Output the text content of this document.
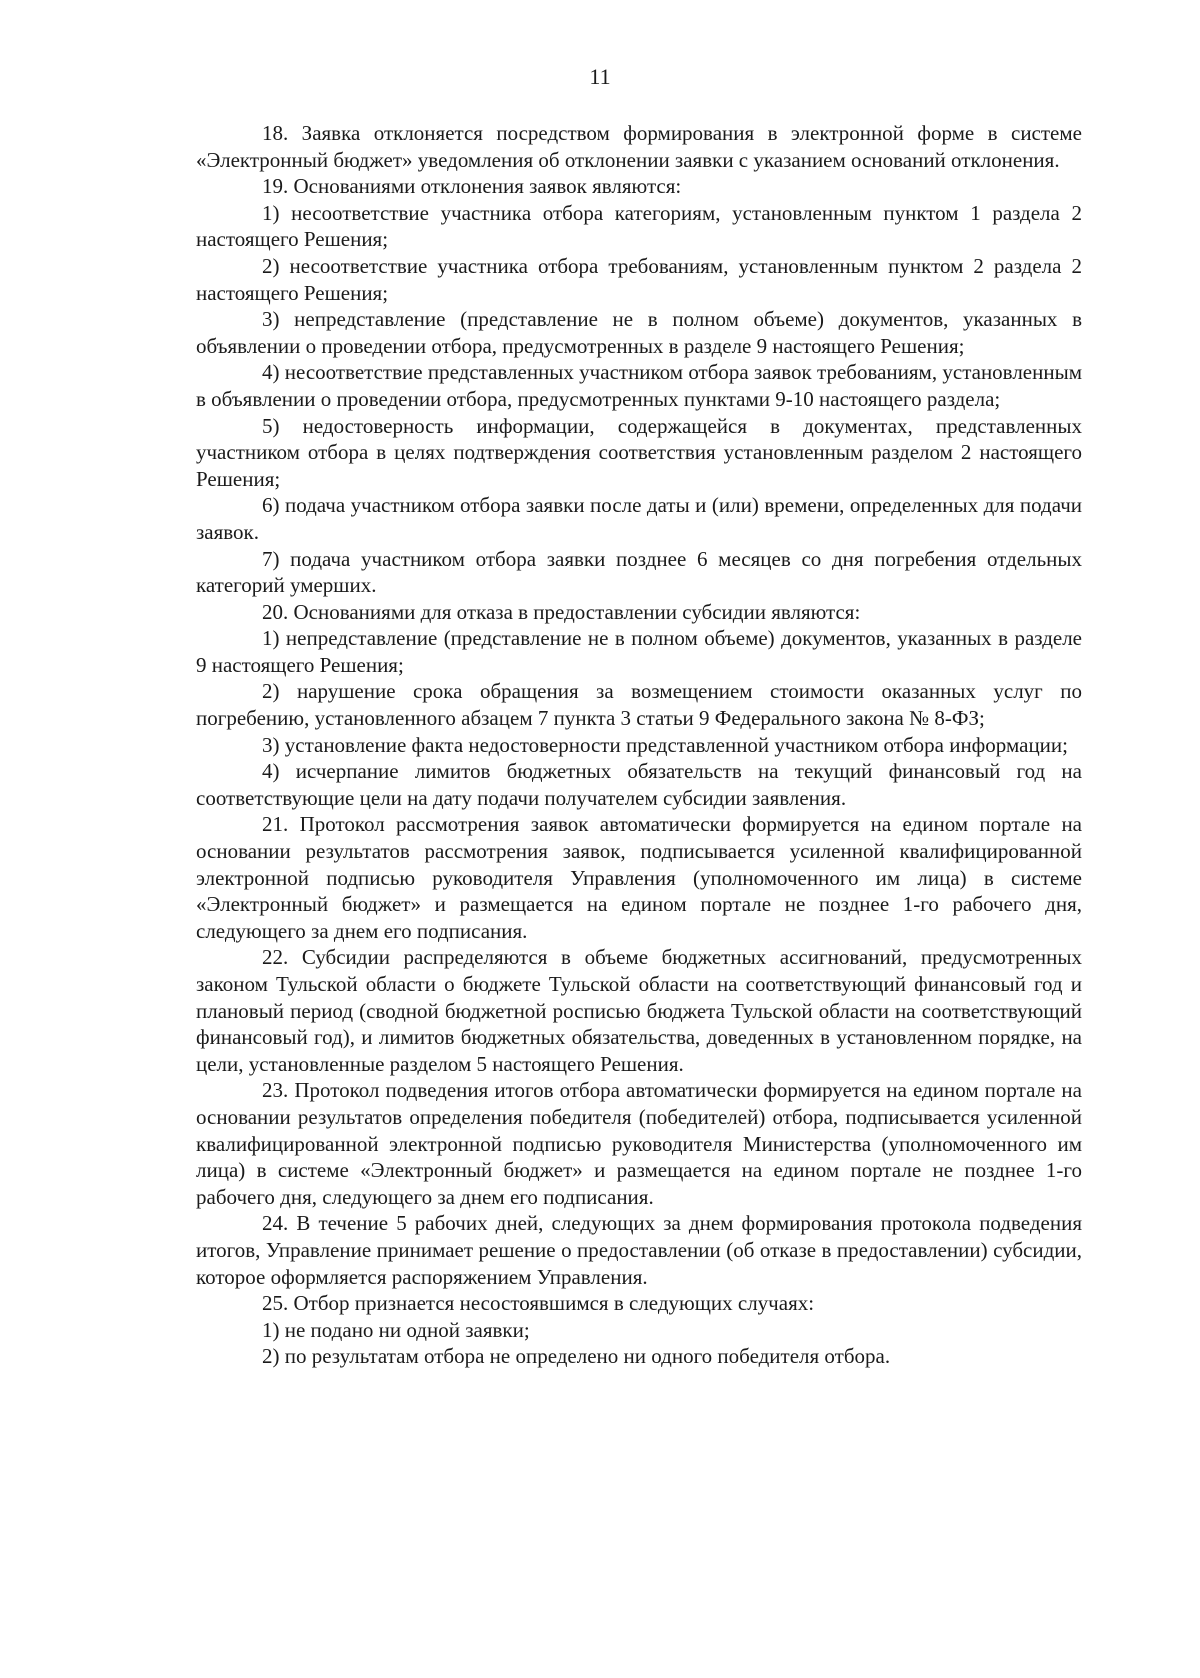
11

18. Заявка отклоняется посредством формирования в электронной форме в системе «Электронный бюджет» уведомления об отклонении заявки с указанием оснований отклонения.

19. Основаниями отклонения заявок являются:

1) несоответствие участника отбора категориям, установленным пунктом 1 раздела 2 настоящего Решения;

2) несоответствие участника отбора требованиям, установленным пунктом 2 раздела 2 настоящего Решения;

3) непредставление (представление не в полном объеме) документов, указанных в объявлении о проведении отбора, предусмотренных в разделе 9 настоящего Решения;

4) несоответствие представленных участником отбора заявок требованиям, установленным в объявлении о проведении отбора, предусмотренных пунктами 9-10 настоящего раздела;

5) недостоверность информации, содержащейся в документах, представленных участником отбора в целях подтверждения соответствия установленным разделом 2 настоящего Решения;

6) подача участником отбора заявки после даты и (или) времени, определенных для подачи заявок.

7) подача участником отбора заявки позднее 6 месяцев со дня погребения отдельных категорий умерших.

20. Основаниями для отказа в предоставлении субсидии являются:

1) непредставление (представление не в полном объеме) документов, указанных в разделе 9 настоящего Решения;

2) нарушение срока обращения за возмещением стоимости оказанных услуг по погребению, установленного абзацем 7 пункта 3 статьи 9 Федерального закона № 8-ФЗ;

3) установление факта недостоверности представленной участником отбора информации;

4) исчерпание лимитов бюджетных обязательств на текущий финансовый год на соответствующие цели на дату подачи получателем субсидии заявления.

21. Протокол рассмотрения заявок автоматически формируется на едином портале на основании результатов рассмотрения заявок, подписывается усиленной квалифицированной электронной подписью руководителя Управления (уполномоченного им лица) в системе «Электронный бюджет» и размещается на едином портале не позднее 1-го рабочего дня, следующего за днем его подписания.

22. Субсидии распределяются в объеме бюджетных ассигнований, предусмотренных законом Тульской области о бюджете Тульской области на соответствующий финансовый год и плановый период (сводной бюджетной росписью бюджета Тульской области на соответствующий финансовый год), и лимитов бюджетных обязательства, доведенных в установленном порядке, на цели, установленные разделом 5 настоящего Решения.

23. Протокол подведения итогов отбора автоматически формируется на едином портале на основании результатов определения победителя (победителей) отбора, подписывается усиленной квалифицированной электронной подписью руководителя Министерства (уполномоченного им лица) в системе «Электронный бюджет» и размещается на едином портале не позднее 1-го рабочего дня, следующего за днем его подписания.

24. В течение 5 рабочих дней, следующих за днем формирования протокола подведения итогов, Управление принимает решение о предоставлении (об отказе в предоставлении) субсидии, которое оформляется распоряжением Управления.

25. Отбор признается несостоявшимся в следующих случаях:

1) не подано ни одной заявки;

2) по результатам отбора не определено ни одного победителя отбора.
